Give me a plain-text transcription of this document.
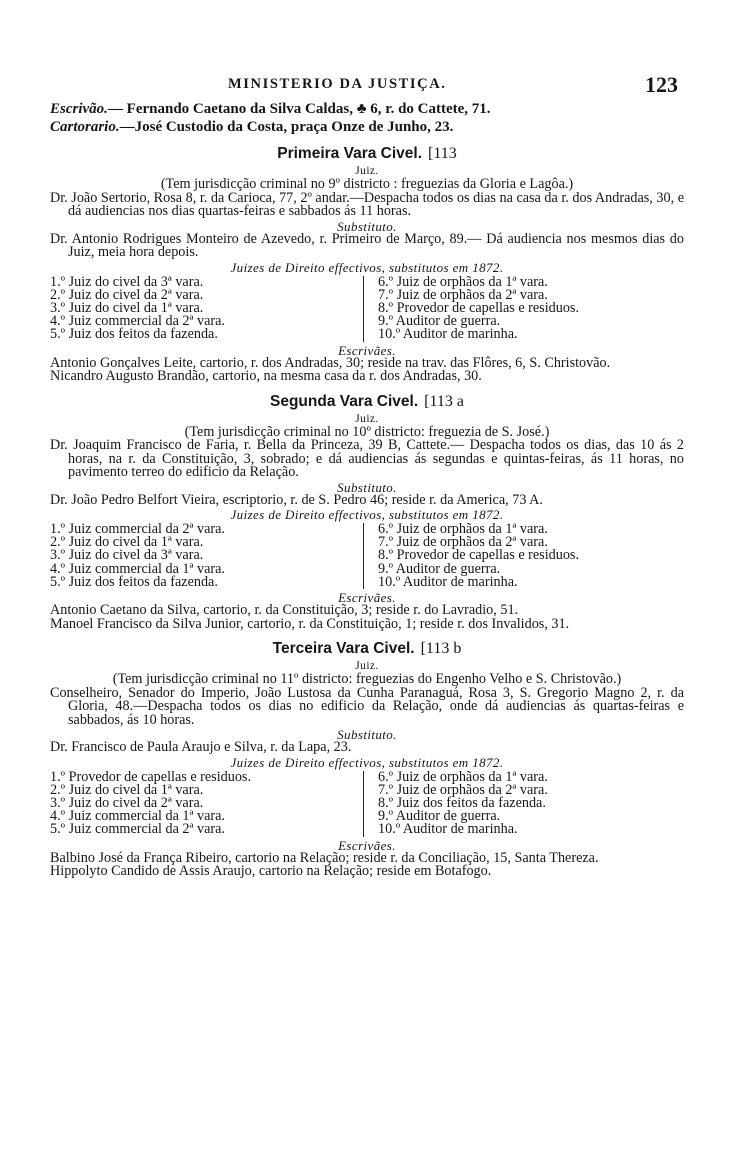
MINISTERIO DA JUSTIÇA.	123
Escrivão.— Fernando Caetano da Silva Caldas, ♣ 6, r. do Cattete, 71.
Cartorario.—José Custodio da Costa, praça Onze de Junho, 23.
Primeira Vara Civel. [113
Juiz.
(Tem jurisdicção criminal no 9º districto : freguezias da Gloria e Lagôa.)

Dr. João Sertorio, Rosa 8, r. da Carioca, 77, 2º andar.—Despacha todos os dias na casa da r. dos Andradas, 30, e dá audiencias nos dias quartas-feiras e sabbados ás 11 horas.

Substituto.

Dr. Antonio Rodrigues Monteiro de Azevedo, r. Primeiro de Março, 89.— Dá audiencia nos mesmos dias do Juiz, meia hora depois.

Juizes de Direito effectivos, substitutos em 1872.
1.º Juiz do civel da 3ª vara.
2.º Juiz do civel da 2ª vara.
3.º Juiz do civel da 1ª vara.
4.º Juiz commercial da 2ª vara.
5.º Juiz dos feitos da fazenda.
6.º Juiz de orphãos da 1ª vara.
7.º Juiz de orphãos da 2ª vara.
8.º Provedor de capellas e residuos.
9.º Auditor de guerra.
10.º Auditor de marinha.
Escrivães.

Antonio Gonçalves Leite, cartorio, r. dos Andradas, 30; reside na trav. das Flôres, 6, S. Christovão.

Nicandro Augusto Brandão, cartorio, na mesma casa da r. dos Andradas, 30.

Segunda Vara Civel. [113 a
Juiz.
(Tem jurisdicção criminal no 10º districto: freguezia de S. José.)

Dr. Joaquim Francisco de Faria, r. Bella da Princeza, 39 B, Cattete.— Despacha todos os dias, das 10 ás 2 horas, na r. da Constituição, 3, sobrado; e dá audiencias ás segundas e quintas-feiras, ás 11 horas, no pavimento terreo do edificio da Relação.

Substituto.

Dr. João Pedro Belfort Vieira, escriptorio, r. de S. Pedro 46; reside r. da America, 73 A.

Juizes de Direito effectivos, substitutos em 1872.
1.º Juiz commercial da 2ª vara.
2.º Juiz do civel da 1ª vara.
3.º Juiz do civel da 3ª vara.
4.º Juiz commercial da 1ª vara.
5.º Juiz dos feitos da fazenda.
6.º Juiz de orphãos da 1ª vara.
7.º Juiz de orphãos da 2ª vara.
8.º Provedor de capellas e residuos.
9.º Auditor de guerra.
10.º Auditor de marinha.
Escrivães.

Antonio Caetano da Silva, cartorio, r. da Constituição, 3; reside r. do Lavradio, 51.

Manoel Francisco da Silva Junior, cartorio, r. da Constituição, 1; reside r. dos Invalidos, 31.

Terceira Vara Civel. [113 b
Juiz.
(Tem jurisdicção criminal no 11º districto: freguezias do Engenho Velho e S. Christovão.)

Conselheiro, Senador do Imperio, João Lustosa da Cunha Paranaguá, Rosa 3, S. Gregorio Magno 2, r. da Gloria, 48.—Despacha todos os dias no edificio da Relação, onde dá audiencias ás quartas-feiras e sabbados, ás 10 horas.

Substituto.

Dr. Francisco de Paula Araujo e Silva, r. da Lapa, 23.

Juizes de Direito effectivos, substitutos em 1872.
1.º Provedor de capellas e residuos.
2.º Juiz do civel da 1ª vara.
3.º Juiz do civel da 2ª vara.
4.º Juiz commercial da 1ª vara.
5.º Juiz commercial da 2ª vara.
6.º Juiz de orphãos da 1ª vara.
7.º Juiz de orphãos da 2ª vara.
8.º Juiz dos feitos da fazenda.
9.º Auditor de guerra.
10.º Auditor de marinha.
Escrivães.

Balbino José da França Ribeiro, cartorio na Relação; reside r. da Conciliação, 15, Santa Thereza.

Hippolyto Candido de Assis Araujo, cartorio na Relação; reside em Botafogo.
